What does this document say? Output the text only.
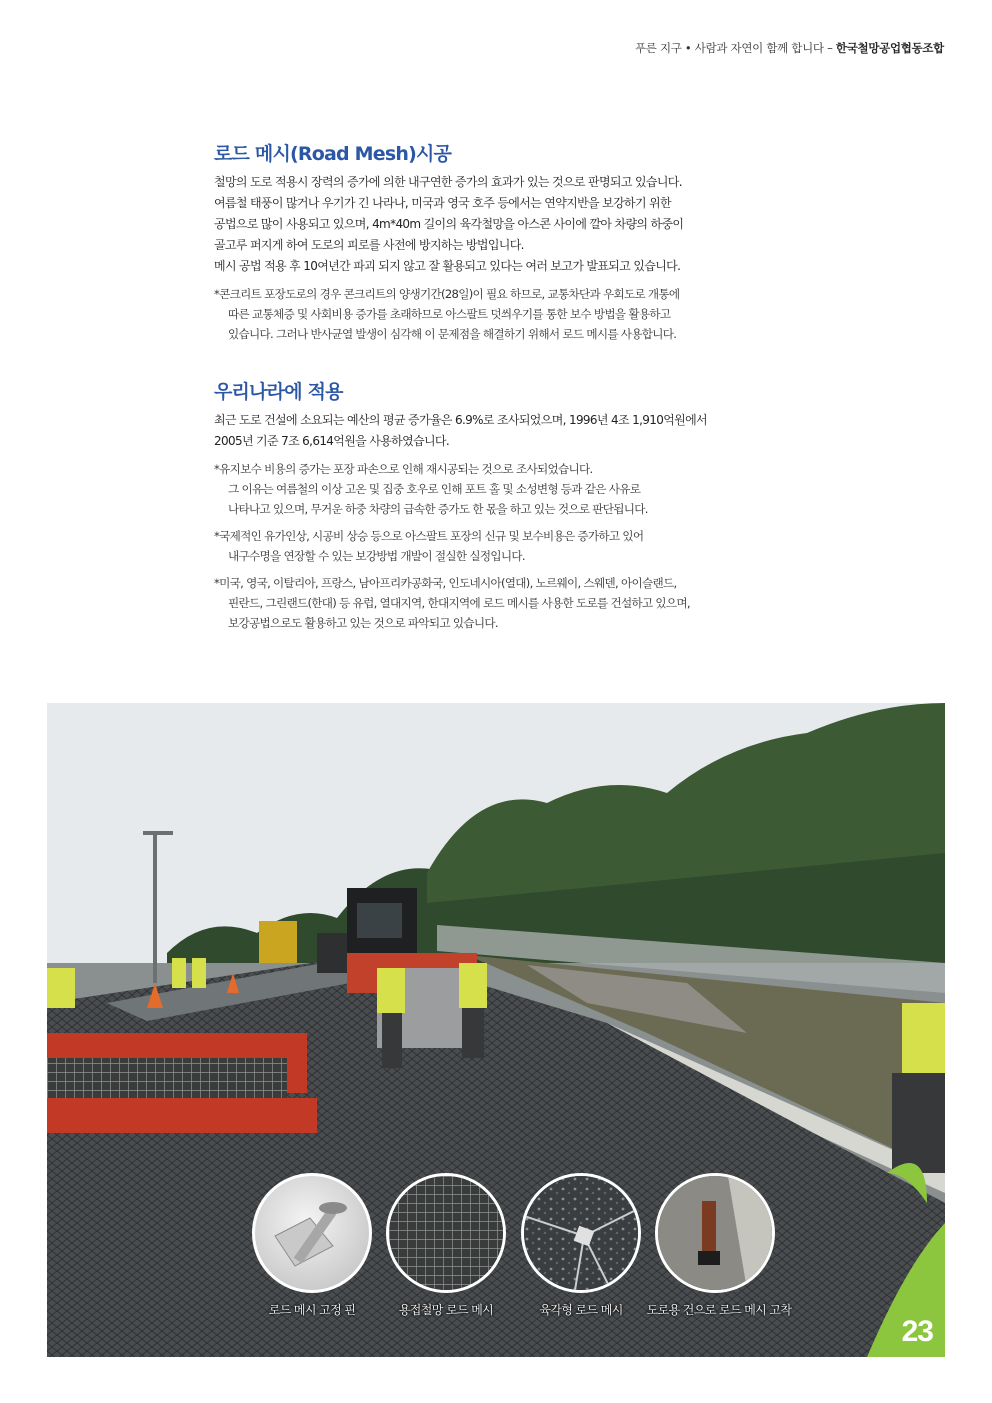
푸른 지구 • 사람과 자연이 함께 합니다 – 한국철망공업협동조합
로드 메시(Road Mesh)시공

철망의 도로 적용시 장력의 증가에 의한 내구연한 증가의 효과가 있는 것으로 판명되고 있습니다.

여름철 태풍이 많거나 우기가 긴 나라나, 미국과 영국 호주 등에서는 연약지반을 보강하기 위한

공법으로 많이 사용되고 있으며, 4m*40m 길이의 육각철망을 아스콘 사이에 깔아 차량의 하중이

골고루 퍼지게 하여 도로의 피로를 사전에 방지하는 방법입니다.

메시 공법 적용 후 10여년간 파괴 되지 않고 잘 활용되고 있다는 여러 보고가 발표되고 있습니다.

*콘크리트 포장도로의 경우 콘크리트의 양생기간(28일)이 필요 하므로, 교통차단과 우회도로 개통에
따른 교통체증 및 사회비용 증가를 초래하므로 아스팔트 덧씌우기를 통한 보수 방법을 활용하고
있습니다. 그러나 반사균열 발생이 심각해 이 문제점을 해결하기 위해서 로드 메시를 사용합니다.
우리나라에 적용

최근 도로 건설에 소요되는 예산의 평균 증가율은 6.9%로 조사되었으며, 1996년 4조 1,910억원에서

2005년 기준 7조 6,614억원을 사용하였습니다.

*유지보수 비용의 증가는 포장 파손으로 인해 재시공되는 것으로 조사되었습니다.
그 이유는 여름철의 이상 고온 및 집중 호우로 인해 포트 홀 및 소성변형 등과 같은 사유로
나타나고 있으며, 무거운 하중 차량의 급속한 증가도 한 몫을 하고 있는 것으로 판단됩니다.
*국제적인 유가인상, 시공비 상승 등으로 아스팔트 포장의 신규 및 보수비용은 증가하고 있어
내구수명을 연장할 수 있는 보강방법 개발이 절실한 실정입니다.
*미국, 영국, 이탈리아, 프랑스, 남아프리카공화국, 인도네시아(열대), 노르웨이, 스웨덴, 아이슬랜드,
핀란드, 그린랜드(한대) 등 유럽, 열대지역, 한대지역에 로드 메시를 사용한 도로를 건설하고 있으며,
보강공법으로도 활용하고 있는 것으로 파악되고 있습니다.
로드 메시 고정 핀	용접철망 로드 메시	육각형 로드 메시	도로용 건으로 로드 메시 고착
23
